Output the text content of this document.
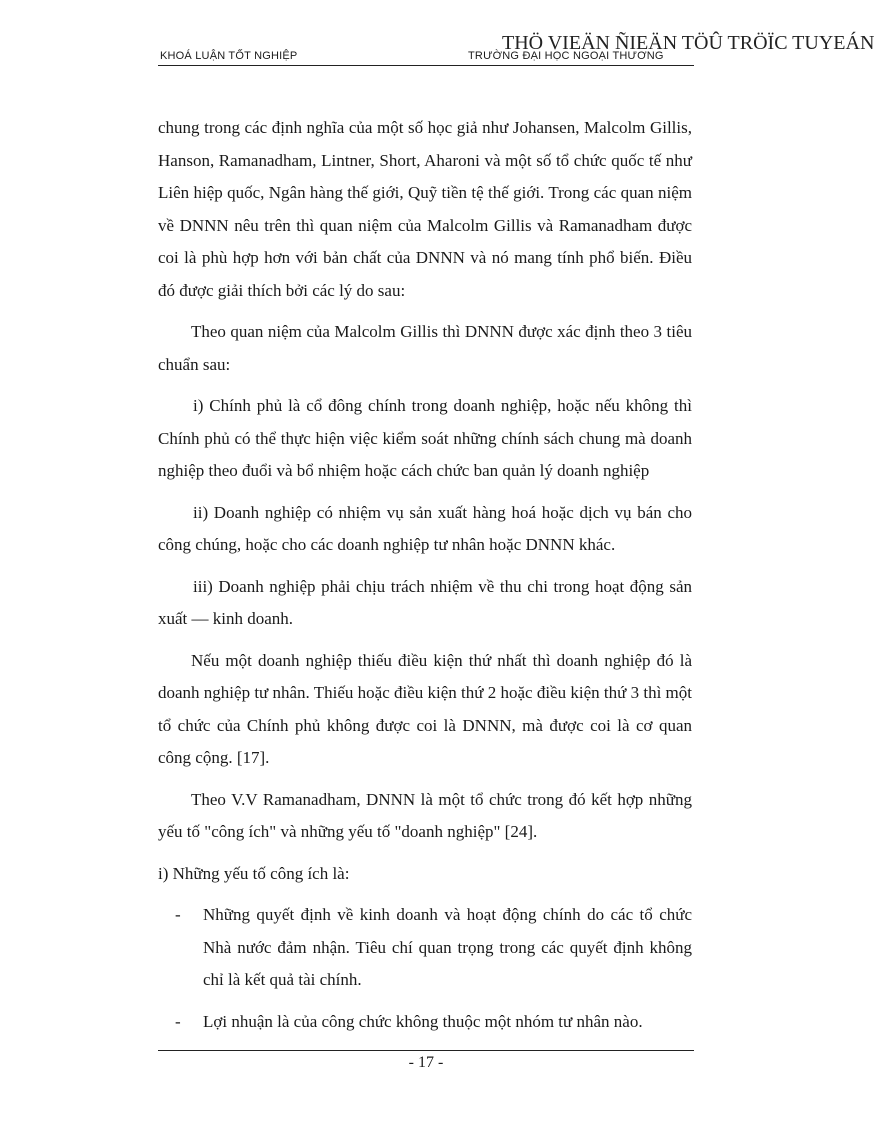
KHOÁ LUẬN TỐT NGHIỆP	TRƯỜNG ĐẠI HỌC NGOẠI THƯƠNG
THÖ VIEÄN ÑIEÄN TÖÛ TRÖÏC TUYEÁN

chung trong các định nghĩa của một số học giả như Johansen, Malcolm Gillis, Hanson, Ramanadham, Lintner, Short, Aharoni và một số tổ chức quốc tế như Liên hiệp quốc, Ngân hàng thế giới, Quỹ tiền tệ thế giới. Trong các quan niệm về DNNN nêu trên thì quan niệm của Malcolm Gillis và Ramanadham được coi là phù hợp hơn với bản chất của DNNN và nó mang tính phổ biến. Điều đó được giải thích bởi các lý do sau:

Theo quan niệm của Malcolm Gillis thì DNNN được xác định theo 3 tiêu chuẩn sau:

i) Chính phủ là cổ đông chính trong doanh nghiệp, hoặc nếu không thì Chính phủ có thể thực hiện việc kiểm soát những chính sách chung mà doanh nghiệp theo đuổi và bổ nhiệm hoặc cách chức ban quản lý doanh nghiệp

ii) Doanh nghiệp có nhiệm vụ sản xuất hàng hoá hoặc dịch vụ bán cho công chúng, hoặc cho các doanh nghiệp tư nhân hoặc DNNN khác.

iii) Doanh nghiệp phải chịu trách nhiệm về thu chi trong hoạt động sản xuất — kinh doanh.

Nếu một doanh nghiệp thiếu điều kiện thứ nhất thì doanh nghiệp đó là doanh nghiệp tư nhân. Thiếu hoặc điều kiện thứ 2 hoặc điều kiện thứ 3 thì một tổ chức của Chính phủ không được coi là DNNN, mà được coi là cơ quan công cộng. [17].

Theo V.V Ramanadham, DNNN là một tổ chức trong đó kết hợp những yếu tố "công ích" và những yếu tố "doanh nghiệp" [24].

i) Những yếu tố công ích là:

-	Những quyết định về kinh doanh và hoạt động chính do các tổ chức Nhà nước đảm nhận. Tiêu chí quan trọng trong các quyết định không chỉ là kết quả tài chính.
-	Lợi nhuận là của công chức không thuộc một nhóm tư nhân nào.
- 17 -
